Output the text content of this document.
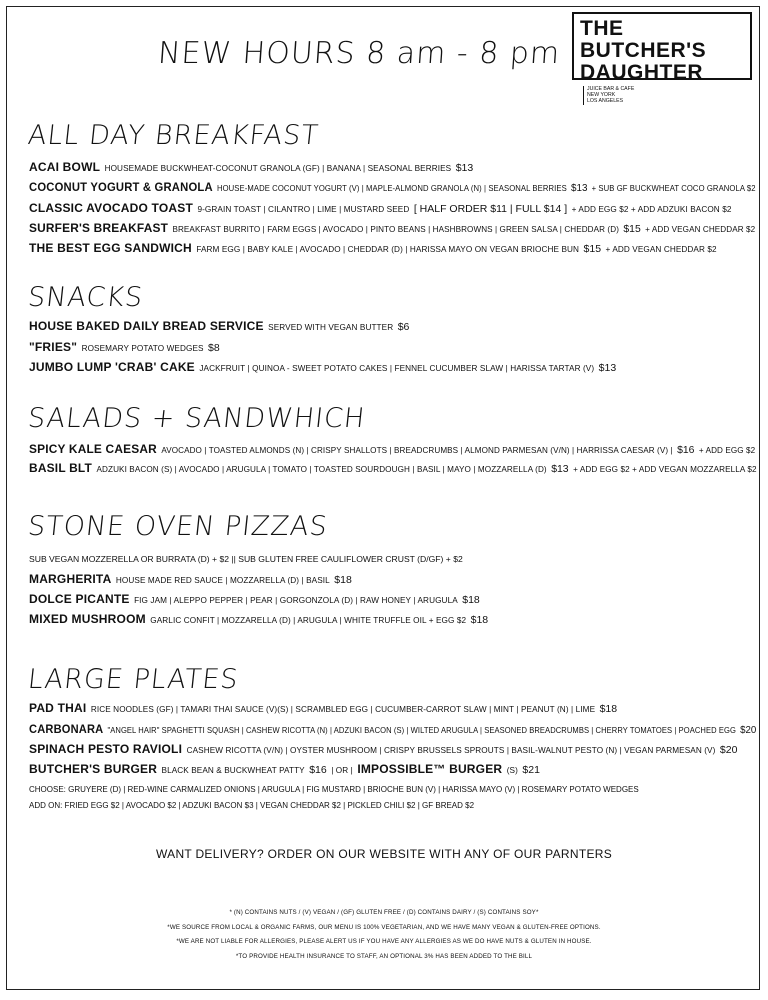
NEW HOURS 8 am - 8 pm
THE BUTCHER'S
DAUGHTERJUICE BAR & CAFE
NEW YORK
LOS ANGELES
ALL DAY BREAKFAST
ACAI BOWL HOUSEMADE BUCKWHEAT-COCONUT GRANOLA (GF) | BANANA | SEASONAL BERRIES $13
COCONUT YOGURT & GRANOLA HOUSE-MADE COCONUT YOGURT (V) | MAPLE-ALMOND GRANOLA (N) | SEASONAL BERRIES $13 + SUB GF BUCKWHEAT COCO GRANOLA $2
CLASSIC AVOCADO TOAST 9-GRAIN TOAST | CILANTRO | LIME | MUSTARD SEED [ HALF ORDER $11 | FULL $14 ] + ADD EGG $2 + ADD ADZUKI BACON $2
SURFER'S BREAKFAST BREAKFAST BURRITO | FARM EGGS | AVOCADO | PINTO BEANS | HASHBROWNS | GREEN SALSA | CHEDDAR (D) $15 + ADD VEGAN CHEDDAR $2
THE BEST EGG SANDWICH FARM EGG | BABY KALE | AVOCADO | CHEDDAR (D) | HARISSA MAYO ON VEGAN BRIOCHE BUN $15 + ADD VEGAN CHEDDAR $2
SNACKS
HOUSE BAKED DAILY BREAD SERVICE SERVED WITH VEGAN BUTTER $6
"FRIES" ROSEMARY POTATO WEDGES $8
JUMBO LUMP 'CRAB' CAKE JACKFRUIT | QUINOA - SWEET POTATO CAKES | FENNEL CUCUMBER SLAW | HARISSA TARTAR (V) $13
SALADS + SANDWHICH
SPICY KALE CAESAR AVOCADO | TOASTED ALMONDS (N) | CRISPY SHALLOTS | BREADCRUMBS | ALMOND PARMESAN (V/N) | HARRISSA CAESAR (V) | $16 + ADD EGG $2
BASIL BLT ADZUKI BACON (S) | AVOCADO | ARUGULA | TOMATO | TOASTED SOURDOUGH | BASIL | MAYO | MOZZARELLA (D) $13 + ADD EGG $2 + ADD VEGAN MOZZARELLA $2
STONE OVEN PIZZAS
SUB VEGAN MOZZERELLA OR BURRATA (D) + $2 || SUB GLUTEN FREE CAULIFLOWER CRUST (D/GF) + $2
MARGHERITA HOUSE MADE RED SAUCE | MOZZARELLA (D) | BASIL $18
DOLCE PICANTE FIG JAM | ALEPPO PEPPER | PEAR | GORGONZOLA (D) | RAW HONEY | ARUGULA $18
MIXED MUSHROOM GARLIC CONFIT | MOZZARELLA (D) | ARUGULA | WHITE TRUFFLE OIL + EGG $2 $18
LARGE PLATES
PAD THAI RICE NOODLES (GF) | TAMARI THAI SAUCE (V)(S) | SCRAMBLED EGG | CUCUMBER-CARROT SLAW | MINT | PEANUT (N) | LIME $18
CARBONARA "ANGEL HAIR" SPAGHETTI SQUASH | CASHEW RICOTTA (N) | ADZUKI BACON (S) | WILTED ARUGULA | SEASONED BREADCRUMBS | CHERRY TOMATOES | POACHED EGG $20
SPINACH PESTO RAVIOLI CASHEW RICOTTA (V/N) | OYSTER MUSHROOM | CRISPY BRUSSELS SPROUTS | BASIL-WALNUT PESTO (N) | VEGAN PARMESAN (V) $20
BUTCHER'S BURGER BLACK BEAN & BUCKWHEAT PATTY $16 | OR | IMPOSSIBLE™ BURGER (S) $21
CHOOSE: GRUYERE (D) | RED-WINE CARMALIZED ONIONS | ARUGULA | FIG MUSTARD | BRIOCHE BUN (V) | HARISSA MAYO (V) | ROSEMARY POTATO WEDGES
ADD ON: FRIED EGG $2 | AVOCADO $2 | ADZUKI BACON $3 | VEGAN CHEDDAR $2 | PICKLED CHILI $2 | GF BREAD $2
WANT DELIVERY? ORDER ON OUR WEBSITE WITH ANY OF OUR PARNTERS
* (N) CONTAINS NUTS / (V) VEGAN / (GF) GLUTEN FREE / (D) CONTAINS DAIRY / (S) CONTAINS SOY*
*WE SOURCE FROM LOCAL & ORGANIC FARMS, OUR MENU IS 100% VEGETARIAN, AND WE HAVE MANY VEGAN & GLUTEN-FREE OPTIONS.
*WE ARE NOT LIABLE FOR ALLERGIES, PLEASE ALERT US IF YOU HAVE ANY ALLERGIES AS WE DO HAVE NUTS & GLUTEN IN HOUSE.
*TO PROVIDE HEALTH INSURANCE TO STAFF, AN OPTIONAL 3% HAS BEEN ADDED TO THE BILL
